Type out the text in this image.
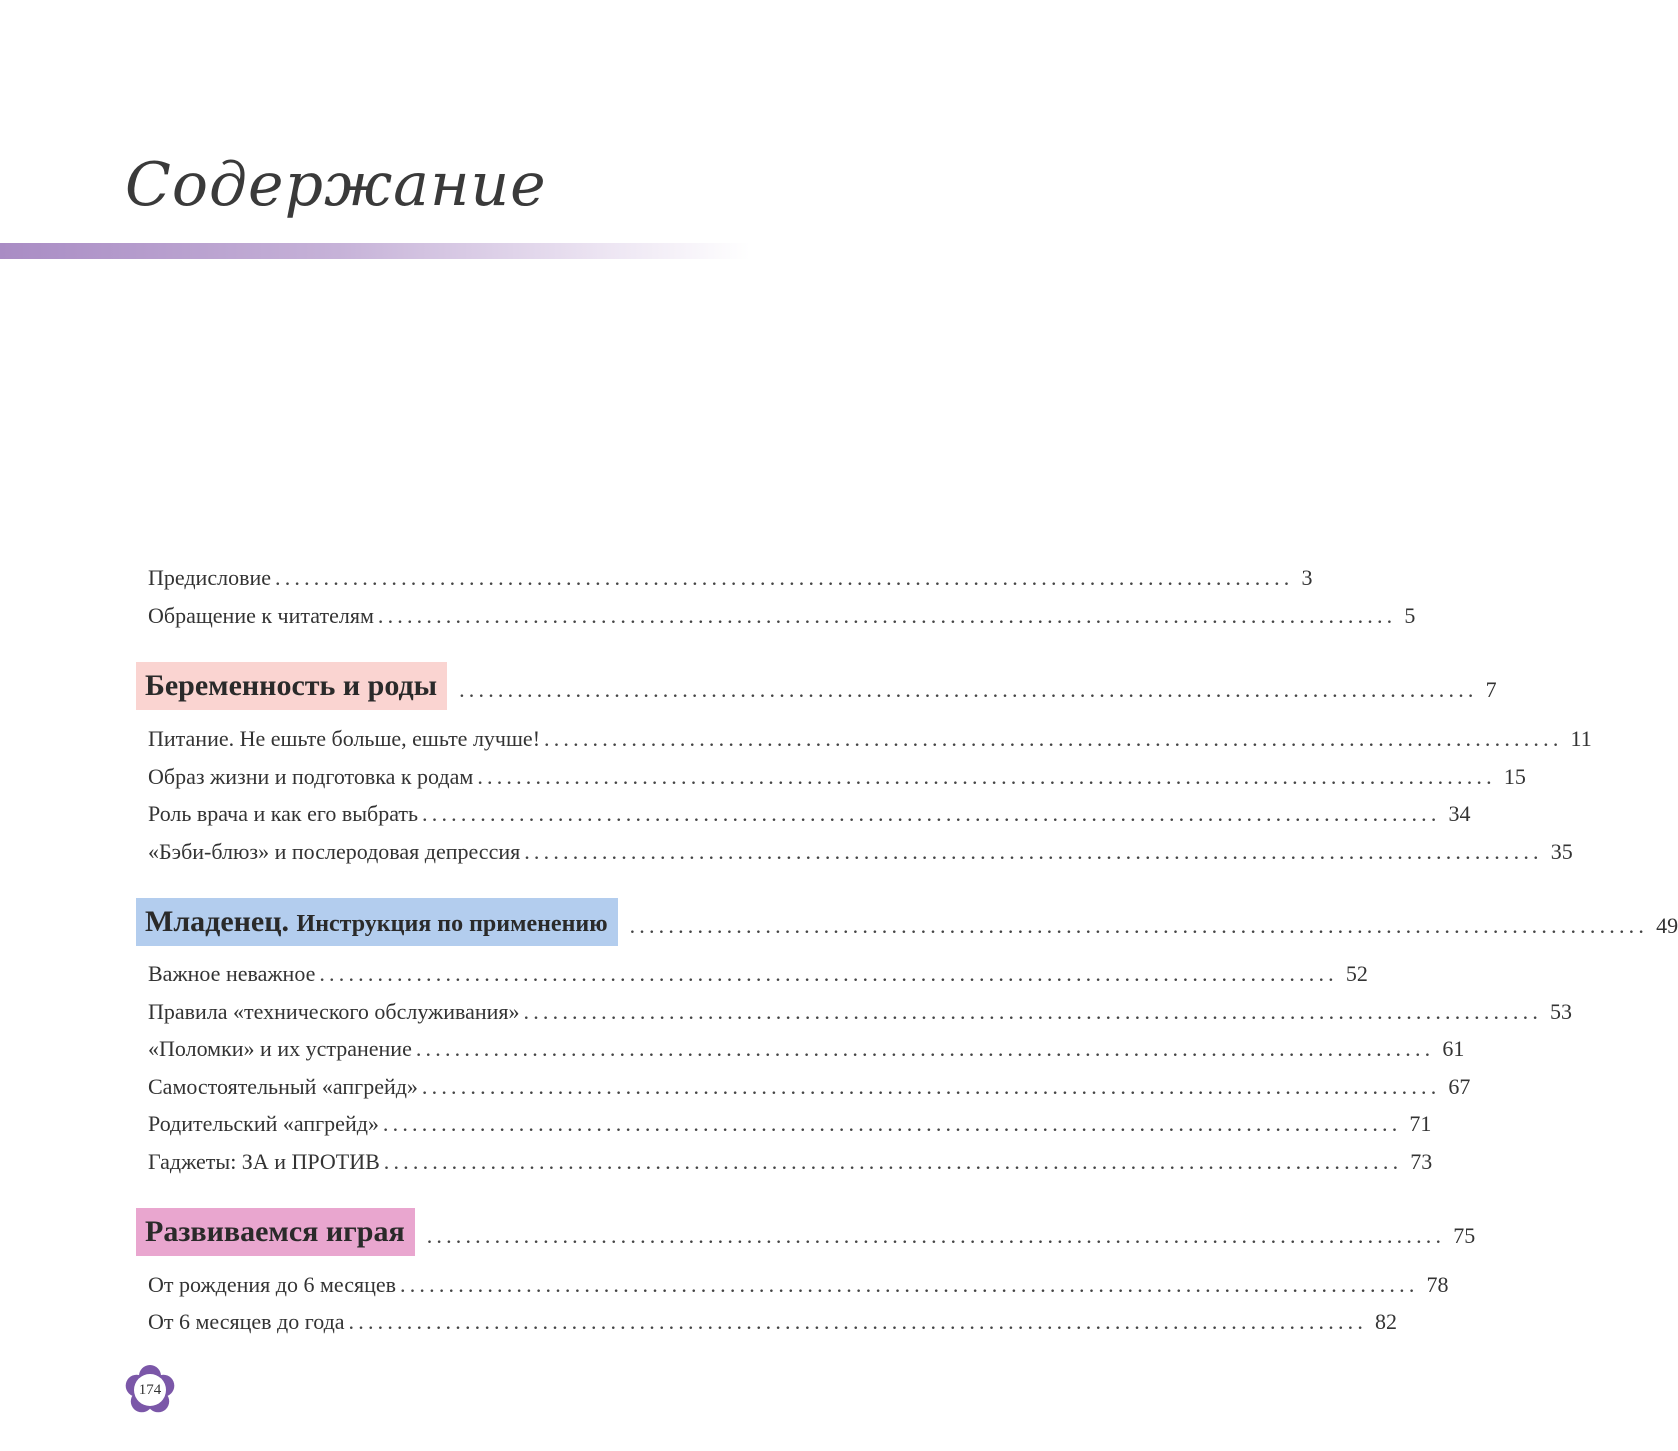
Содержание
Предисловие ......................................................................................................... 3
Обращение к читателям ......................................................................................................... 5
Беременность и роды	......................................................................................................... 7
Питание. Не ешьте больше, ешьте лучше! ......................................................................................................... 11
Образ жизни и подготовка к родам ......................................................................................................... 15
Роль врача и как его выбрать ......................................................................................................... 34
«Бэби-блюз» и послеродовая депрессия ......................................................................................................... 35
Младенец. Инструкция по применению	......................................................................................................... 49
Важное неважное ......................................................................................................... 52
Правила «технического обслуживания» ......................................................................................................... 53
«Поломки» и их устранение ......................................................................................................... 61
Самостоятельный «апгрейд» ......................................................................................................... 67
Родительский «апгрейд» ......................................................................................................... 71
Гаджеты: ЗА и ПРОТИВ ......................................................................................................... 73
Развиваемся играя	......................................................................................................... 75
От рождения до 6 месяцев ......................................................................................................... 78
От 6 месяцев до года ......................................................................................................... 82
174
